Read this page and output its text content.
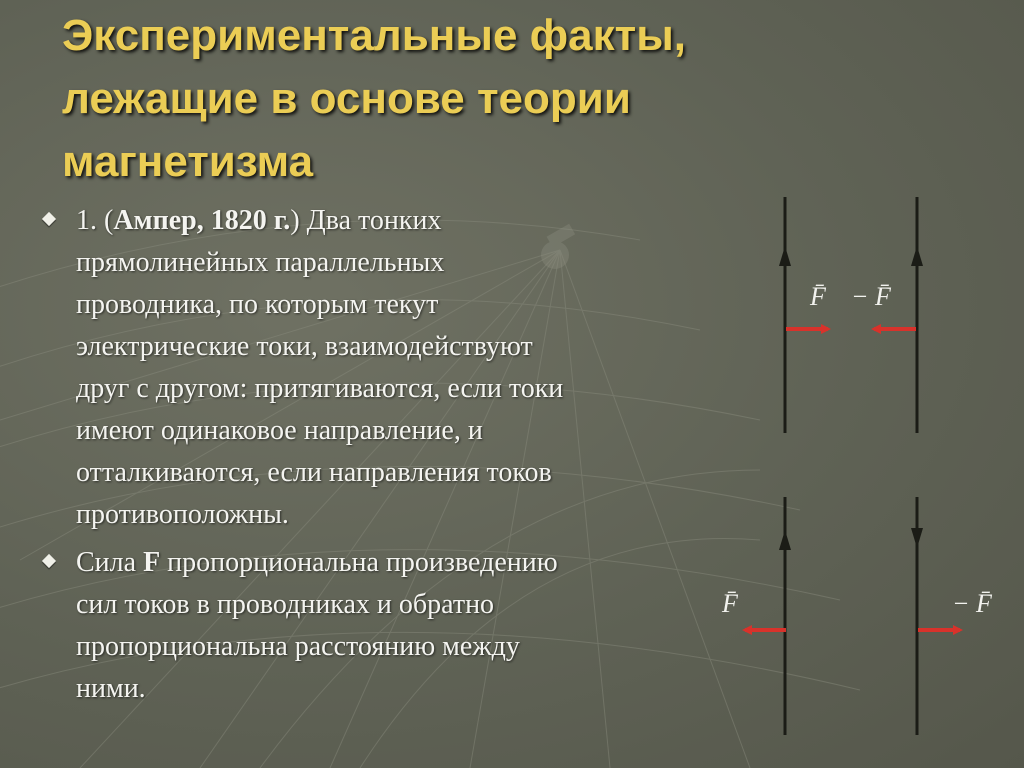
Экспериментальные факты,
лежащие в основе теории
магнетизма
1. (Ампер, 1820 г.) Два тонких
прямолинейных параллельных
проводника, по которым текут
электрические токи, взаимодействуют
друг с другом: притягиваются, если токи
имеют одинаковое направление, и
отталкиваются, если направления токов
противоположны.
Сила F пропорциональна произведению
сил токов в проводниках и обратно
пропорциональна расстоянию между
ними.
F̄ − F̄
F̄	− F̄
